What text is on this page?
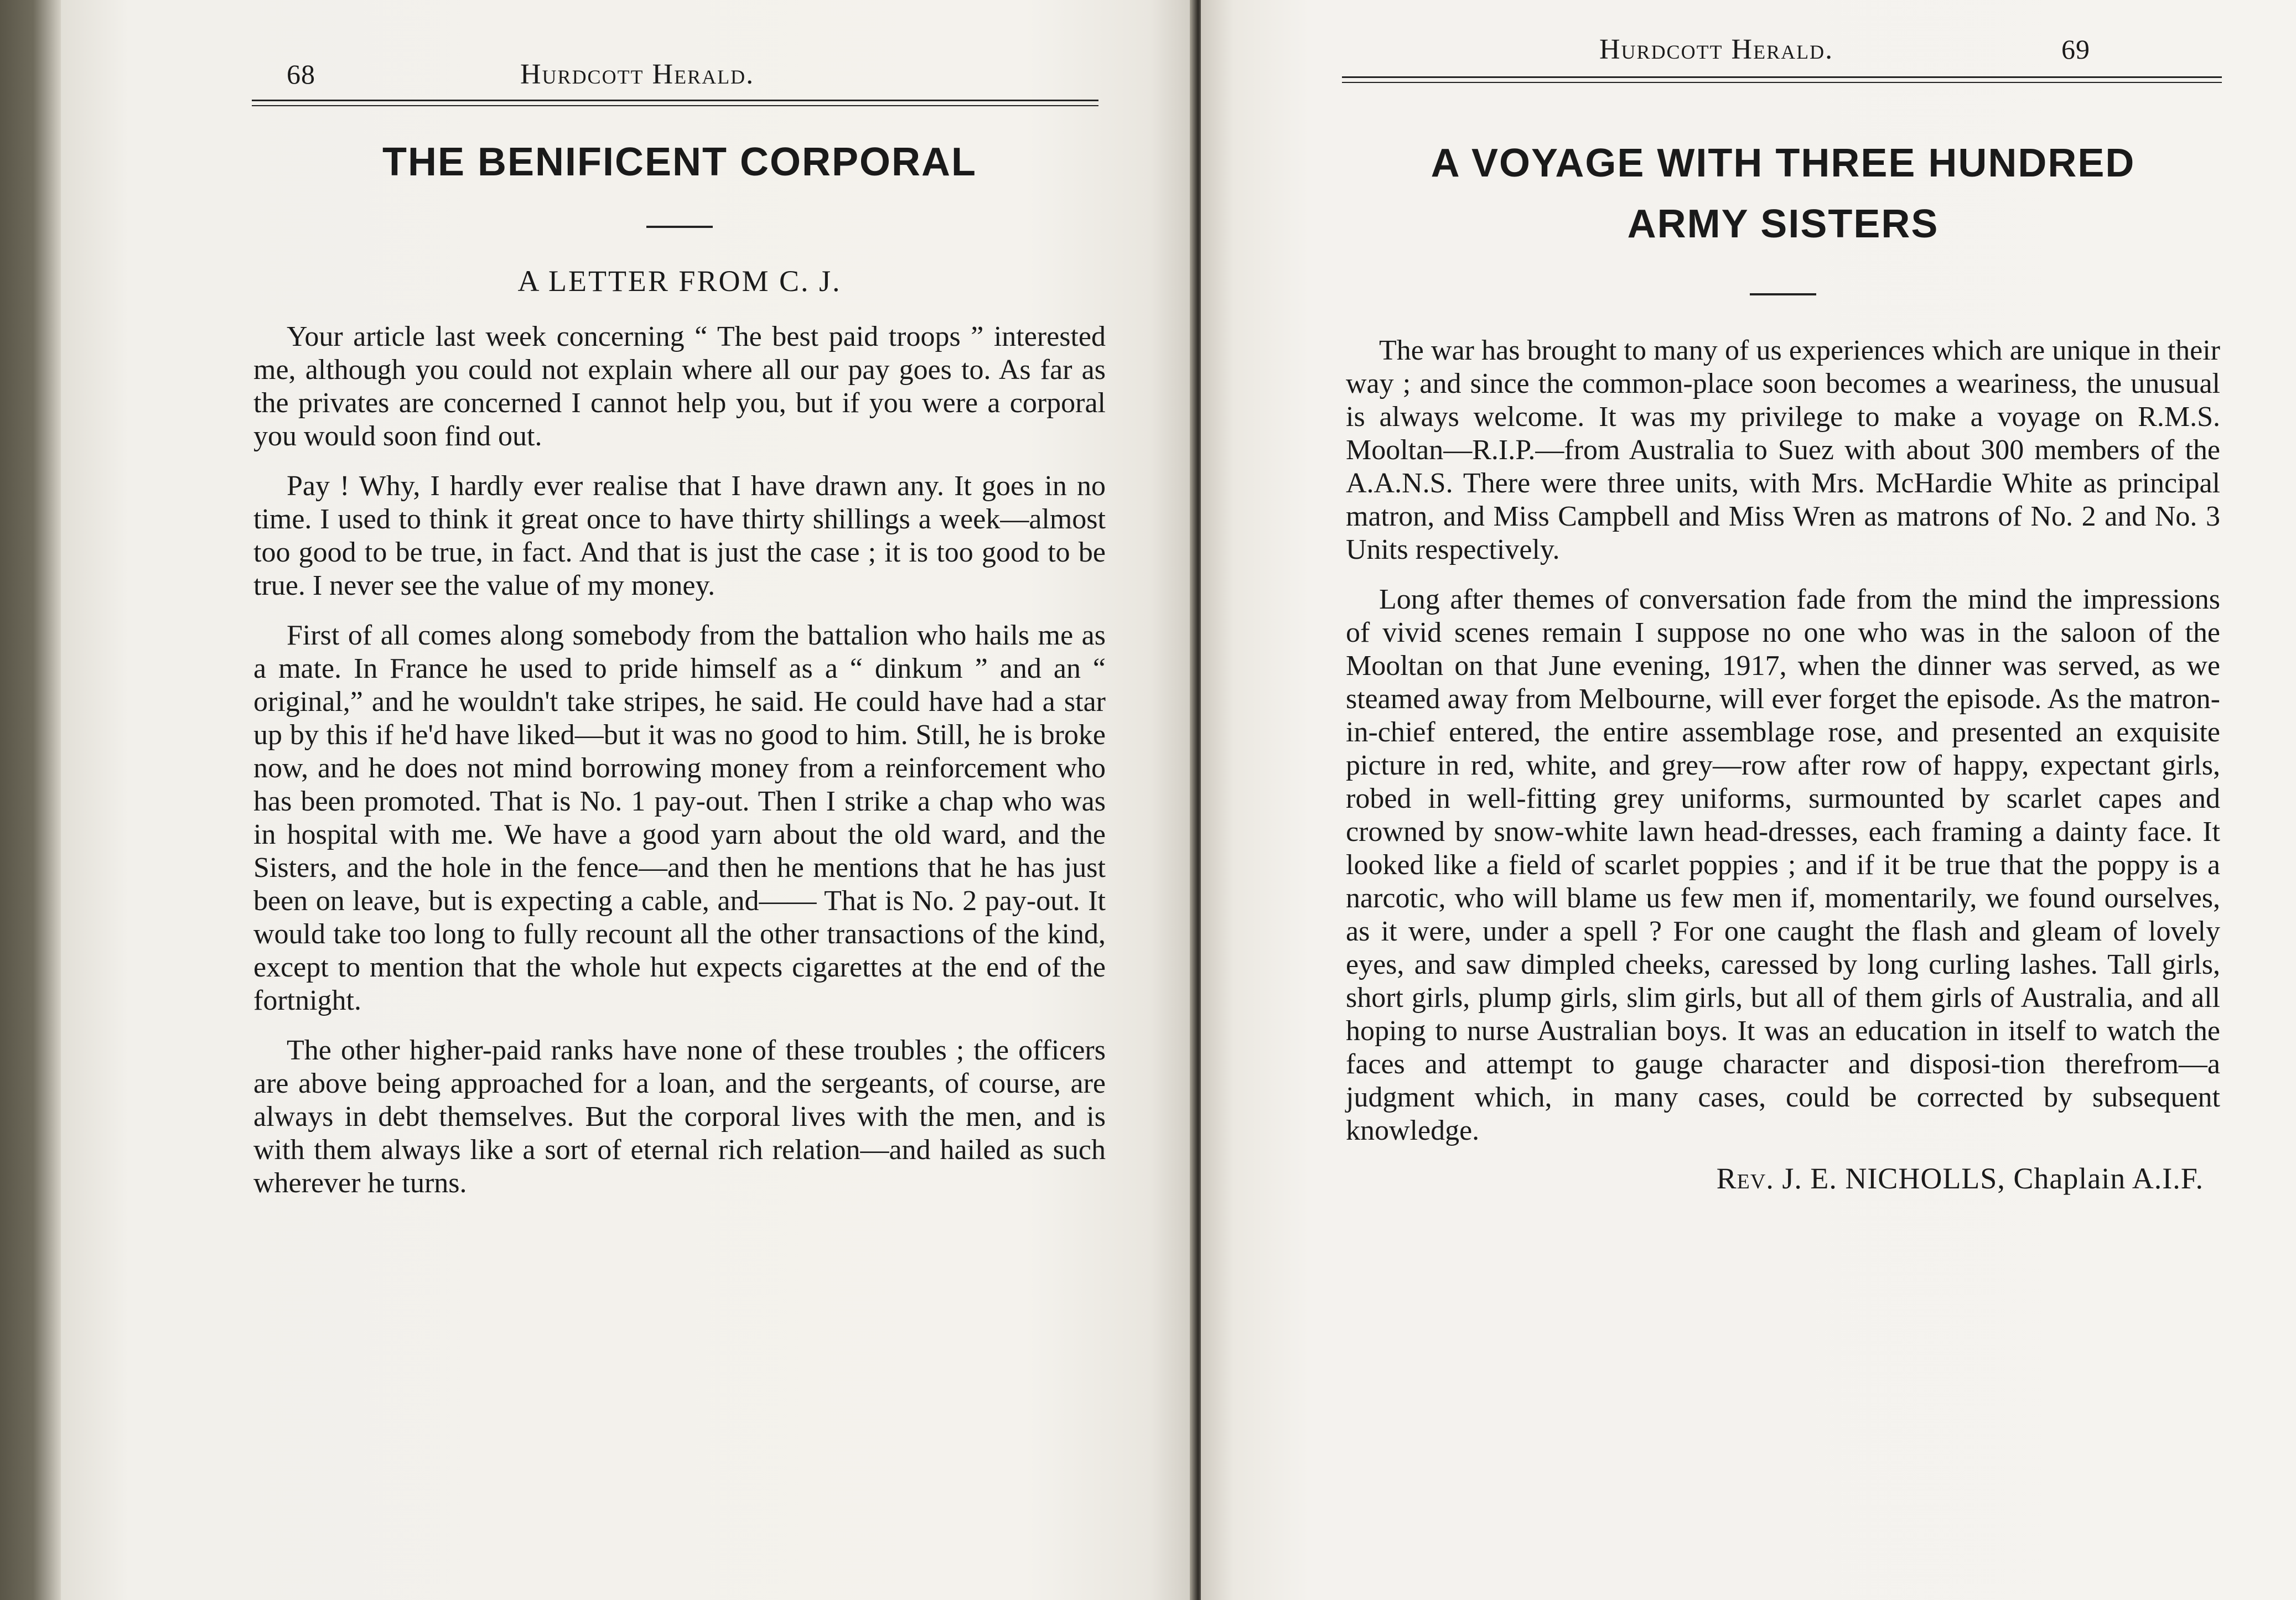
68	Hurdcott Herald.
THE BENIFICENT CORPORAL
A LETTER FROM C. J.

Your article last week concerning “ The best paid troops ” interested me, although you could not explain where all our pay goes to. As far as the privates are concerned I cannot help you, but if you were a corporal you would soon find out.

Pay ! Why, I hardly ever realise that I have drawn any. It goes in no time. I used to think it great once to have thirty shillings a week—almost too good to be true, in fact. And that is just the case ; it is too good to be true. I never see the value of my money.

First of all comes along somebody from the battalion who hails me as a mate. In France he used to pride himself as a “ dinkum ” and an “ original,” and he wouldn't take stripes, he said. He could have had a star up by this if he'd have liked—but it was no good to him. Still, he is broke now, and he does not mind borrowing money from a reinforcement who has been promoted. That is No. 1 pay-out. Then I strike a chap who was in hospital with me. We have a good yarn about the old ward, and the Sisters, and the hole in the fence—and then he mentions that he has just been on leave, but is expecting a cable, and—— That is No. 2 pay-out. It would take too long to fully recount all the other transactions of the kind, except to mention that the whole hut expects cigarettes at the end of the fortnight.

The other higher-paid ranks have none of these troubles ; the officers are above being approached for a loan, and the sergeants, of course, are always in debt themselves. But the corporal lives with the men, and is with them always like a sort of eternal rich relation—and hailed as such wherever he turns.

Hurdcott Herald.	69
A VOYAGE WITH THREE HUNDRED
ARMY SISTERS

The war has brought to many of us experiences which are unique in their way ; and since the common-place soon becomes a weariness, the unusual is always welcome. It was my privilege to make a voyage on R.M.S. Mooltan—R.I.P.—from Australia to Suez with about 300 members of the A.A.N.S. There were three units, with Mrs. McHardie White as principal matron, and Miss Campbell and Miss Wren as matrons of No. 2 and No. 3 Units respectively.

Long after themes of conversation fade from the mind the impressions of vivid scenes remain I suppose no one who was in the saloon of the Mooltan on that June evening, 1917, when the dinner was served, as we steamed away from Melbourne, will ever forget the episode. As the matron-in-chief entered, the entire assemblage rose, and presented an exquisite picture in red, white, and grey—row after row of happy, expectant girls, robed in well-fitting grey uniforms, surmounted by scarlet capes and crowned by snow-white lawn head-dresses, each framing a dainty face. It looked like a field of scarlet poppies ; and if it be true that the poppy is a narcotic, who will blame us few men if, momentarily, we found ourselves, as it were, under a spell ? For one caught the flash and gleam of lovely eyes, and saw dimpled cheeks, caressed by long curling lashes. Tall girls, short girls, plump girls, slim girls, but all of them girls of Australia, and all hoping to nurse Australian boys. It was an education in itself to watch the faces and attempt to gauge character and disposi-tion therefrom—a judgment which, in many cases, could be corrected by subsequent knowledge.

Rev. J. E. NICHOLLS, Chaplain A.I.F.
